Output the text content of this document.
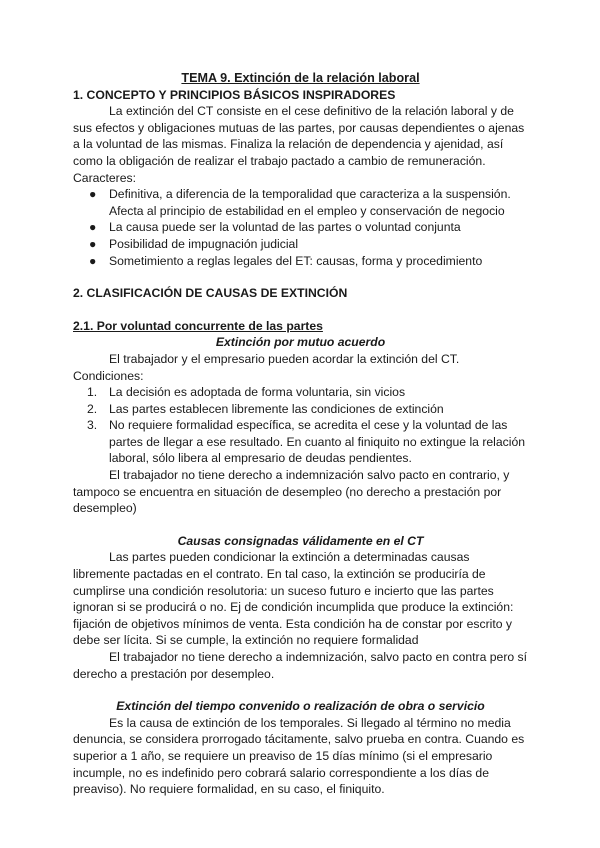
TEMA 9. Extinción de la relación laboral

1. CONCEPTO Y PRINCIPIOS BÁSICOS INSPIRADORES

La extinción del CT consiste en el cese definitivo de la relación laboral y de sus efectos y obligaciones mutuas de las partes, por causas dependientes o ajenas a la voluntad de las mismas. Finaliza la relación de dependencia y ajenidad, así como la obligación de realizar el trabajo pactado a cambio de remuneración.

Caracteres:

● Definitiva, a diferencia de la temporalidad que caracteriza a la suspensión. Afecta al principio de estabilidad en el empleo y conservación de negocio
● La causa puede ser la voluntad de las partes o voluntad conjunta
● Posibilidad de impugnación judicial
● Sometimiento a reglas legales del ET: causas, forma y procedimiento

2. CLASIFICACIÓN DE CAUSAS DE EXTINCIÓN

2.1. Por voluntad concurrente de las partes

Extinción por mutuo acuerdo

El trabajador y el empresario pueden acordar la extinción del CT.

Condiciones:

1. La decisión es adoptada de forma voluntaria, sin vicios
2. Las partes establecen libremente las condiciones de extinción
3. No requiere formalidad específica, se acredita el cese y la voluntad de las partes de llegar a ese resultado. En cuanto al finiquito no extingue la relación laboral, sólo libera al empresario de deudas pendientes.

El trabajador no tiene derecho a indemnización salvo pacto en contrario, y tampoco se encuentra en situación de desempleo (no derecho a prestación por desempleo)

Causas consignadas válidamente en el CT

Las partes pueden condicionar la extinción a determinadas causas libremente pactadas en el contrato. En tal caso, la extinción se produciría de cumplirse una condición resolutoria: un suceso futuro e incierto que las partes ignoran si se producirá o no. Ej de condición incumplida que produce la extinción: fijación de objetivos mínimos de venta. Esta condición ha de constar por escrito y debe ser lícita. Si se cumple, la extinción no requiere formalidad

El trabajador no tiene derecho a indemnización, salvo pacto en contra pero sí derecho a prestación por desempleo.

Extinción del tiempo convenido o realización de obra o servicio

Es la causa de extinción de los temporales. Si llegado al término no media denuncia, se considera prorrogado tácitamente, salvo prueba en contra. Cuando es superior a 1 año, se requiere un preaviso de 15 días mínimo (si el empresario incumple, no es indefinido pero cobrará salario correspondiente a los días de preaviso). No requiere formalidad, en su caso, el finiquito.
